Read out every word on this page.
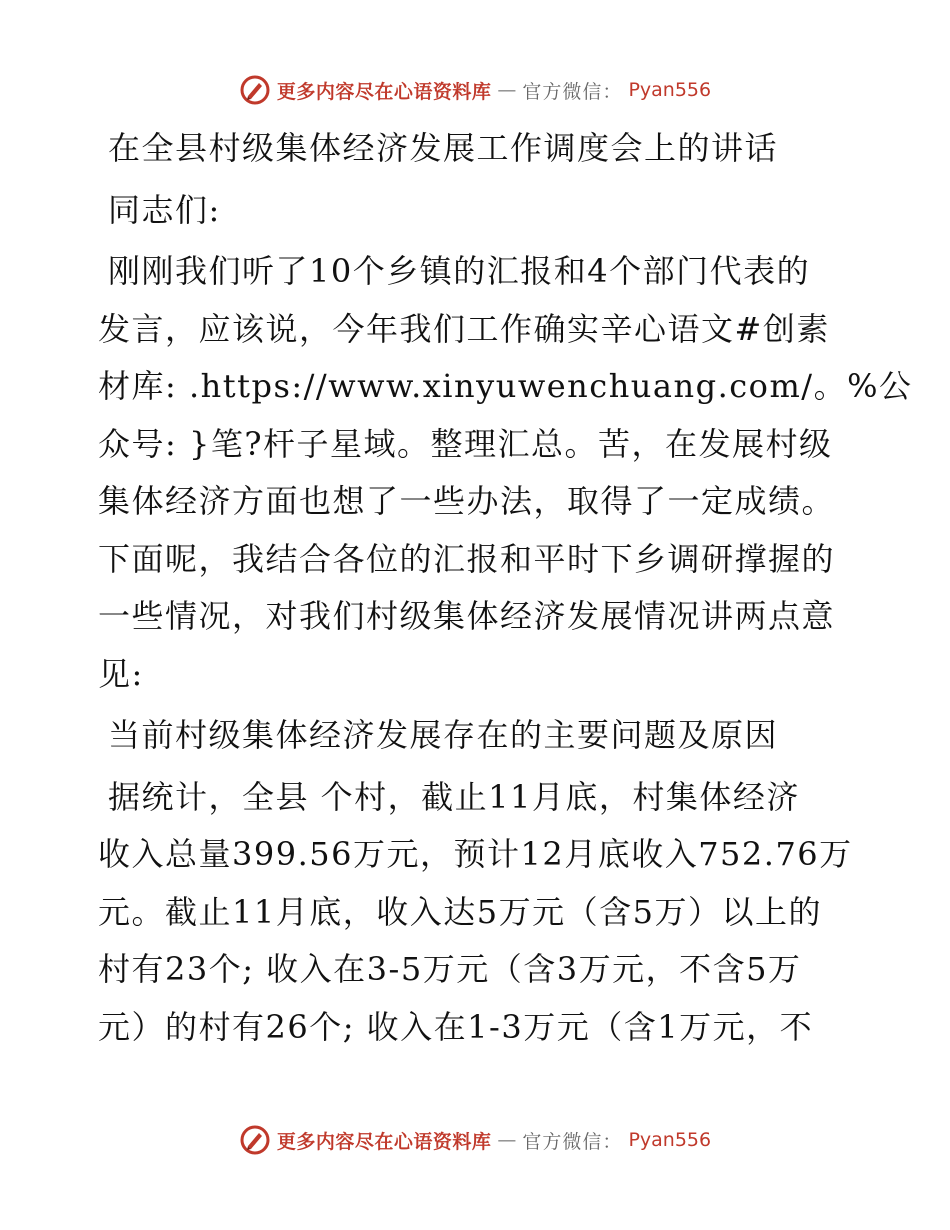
更多内容尽在心语资料库 — 官方微信： Pyan556
在全县村级集体经济发展工作调度会上的讲话
同志们:
刚刚我们听了10个乡镇的汇报和4个部门代表的
发言，应该说，今年我们工作确实辛心语文#创素
材库: .https://www.xinyuwenchuang.com/。%公
众号: }笔?杆子星域。整理汇总。苦，在发展村级
集体经济方面也想了一些办法，取得了一定成绩。
下面呢，我结合各位的汇报和平时下乡调研撑握的
一些情况，对我们村级集体经济发展情况讲两点意
见:
当前村级集体经济发展存在的主要问题及原因
据统计，全县 个村，截止11月底，村集体经济
收入总量399.56万元，预计12月底收入752.76万
元。截止11月底，收入达5万元（含5万）以上的
村有23个; 收入在3-5万元（含3万元，不含5万
元）的村有26个; 收入在1-3万元（含1万元，不
更多内容尽在心语资料库 — 官方微信： Pyan556
